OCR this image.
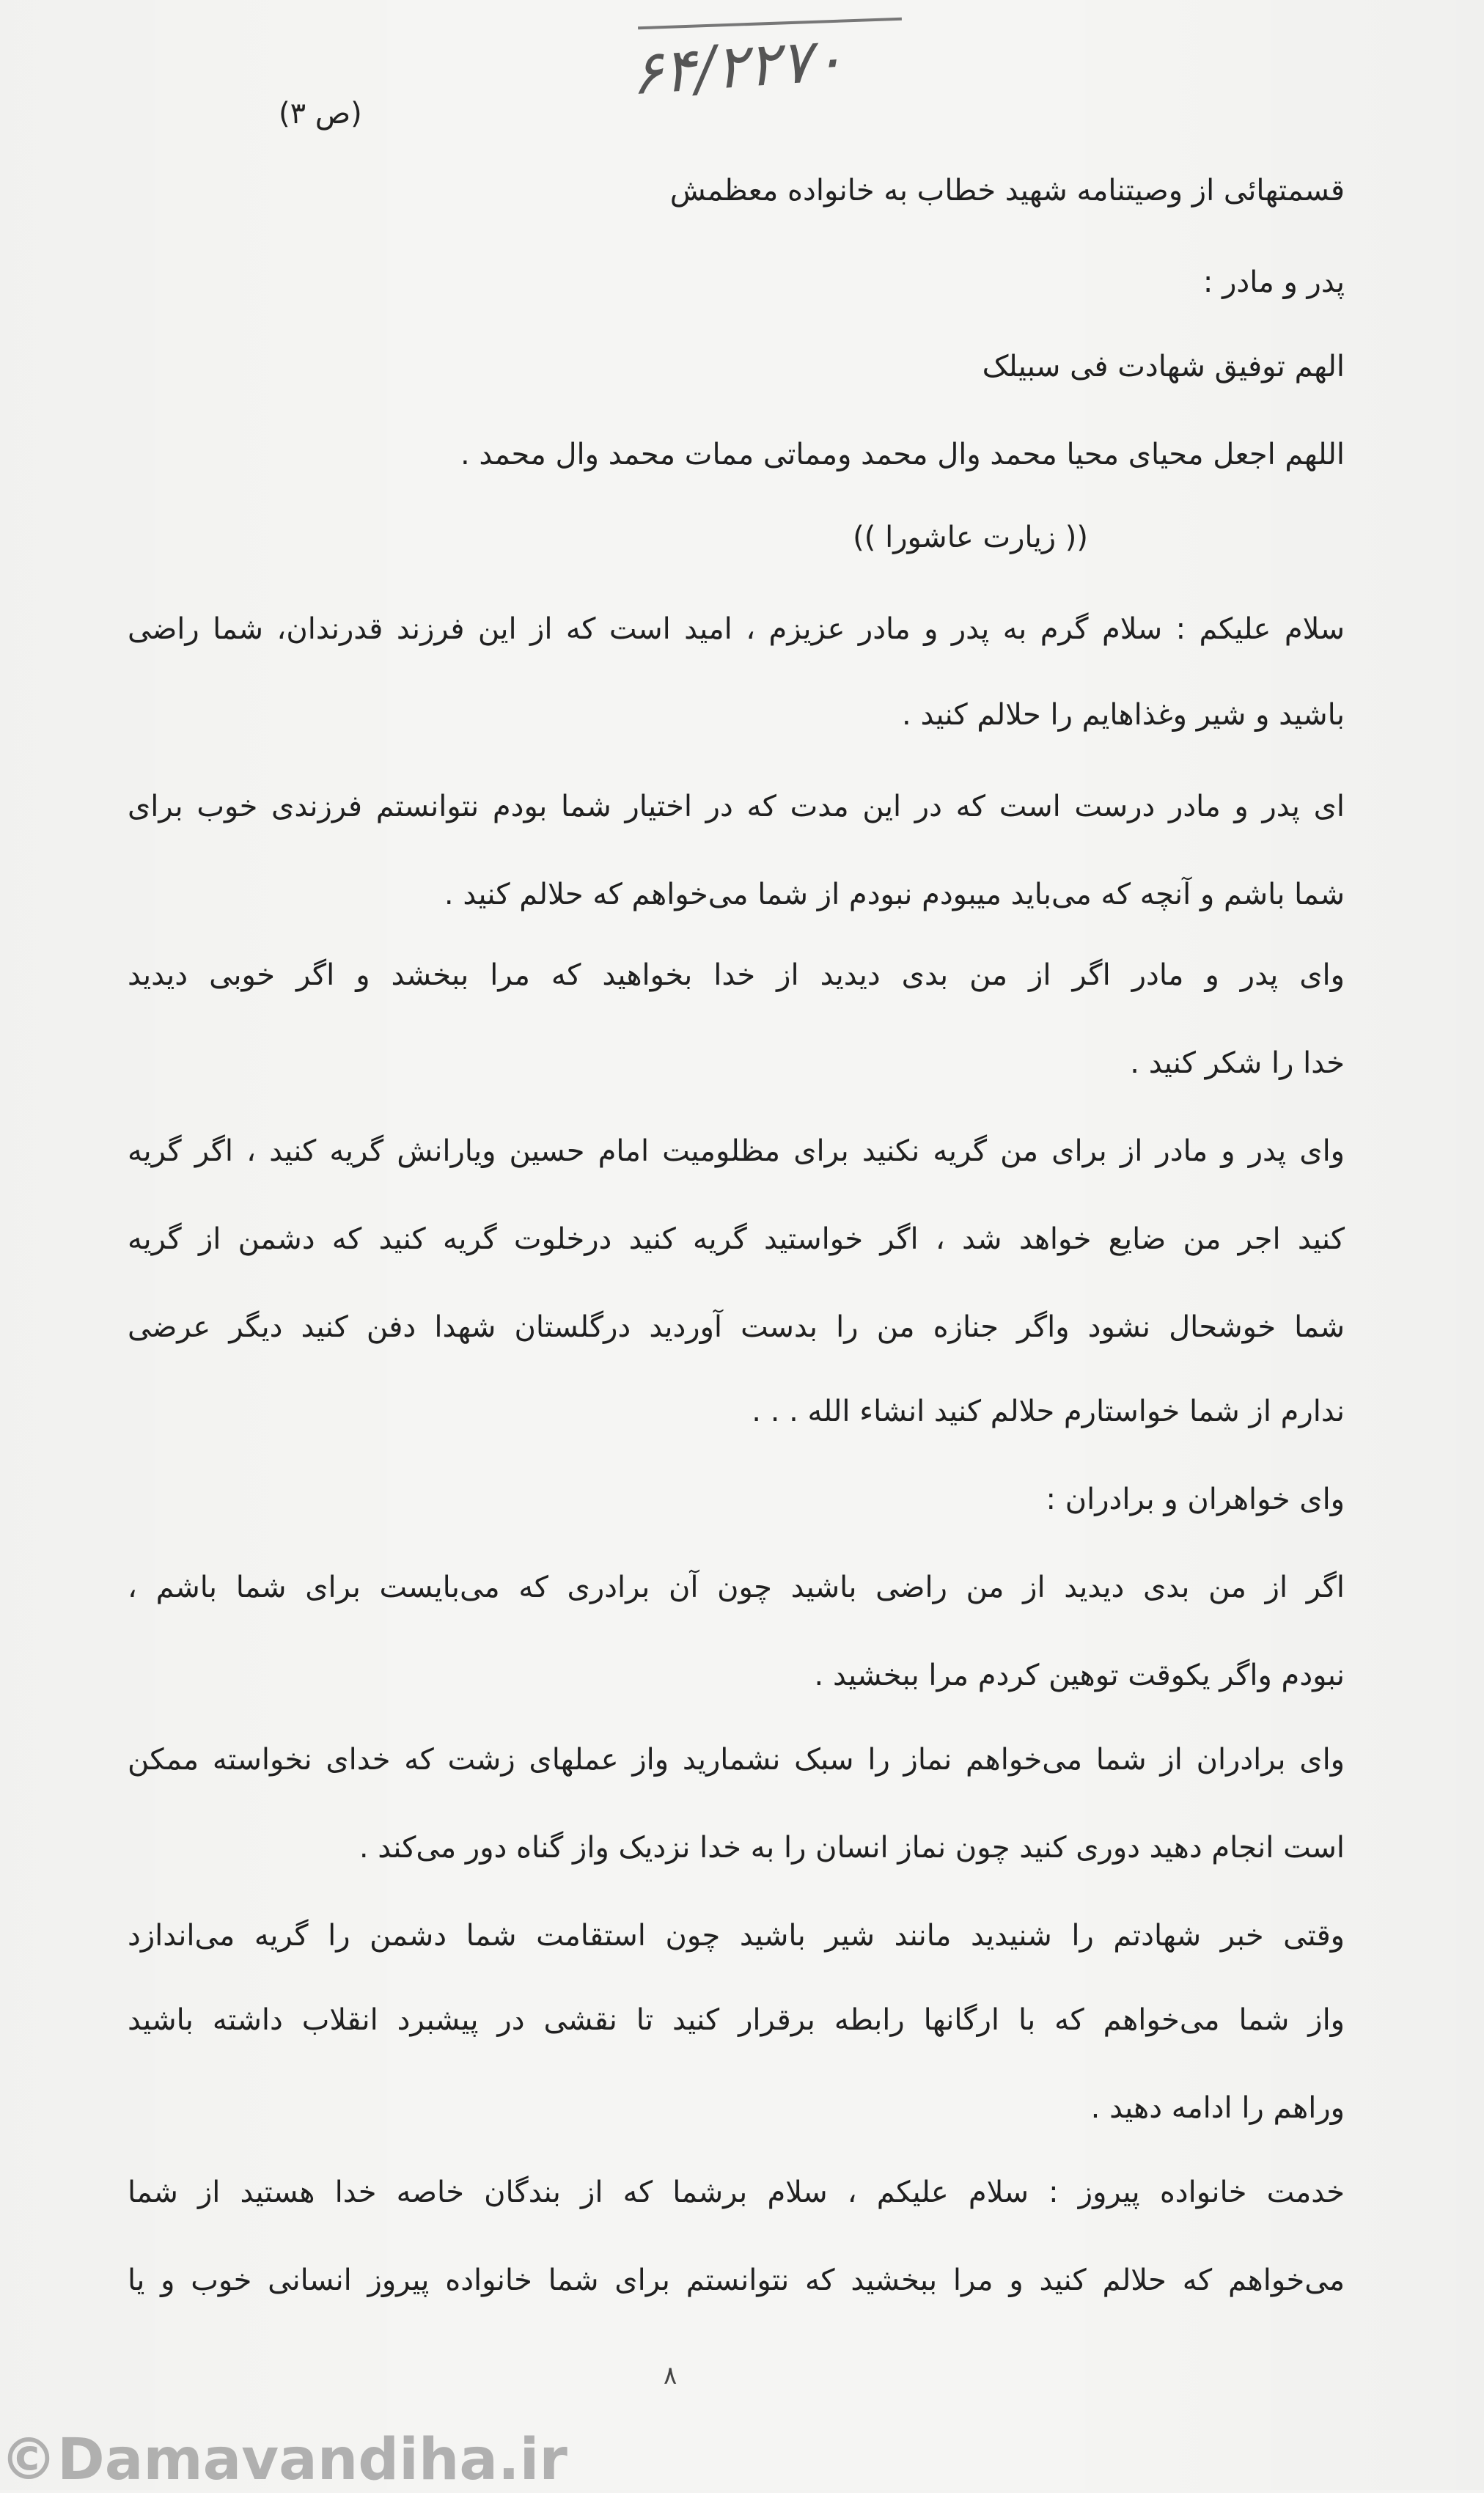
۶۴/۲۲۷۰
(ص ۳)
قسمتهائی از وصیتنامه شهید خطاب به خانواده معظمش
پدر و مادر :
الهم توفیق شهادت فی سبیلک
اللهم اجعل محیای محیا محمد وال محمد ومماتی ممات محمد وال محمد .
(( زیارت عاشورا ))
سلام علیکم : سلام گرم به پدر و مادر عزیزم ، امید است که از این فرزند قدرندان، شما راضی
باشید و شیر وغذاهایم را حلالم کنید .
ای پدر و مادر درست است که در این مدت که در اختیار شما بودم نتوانستم فرزندی خوب برای
شما باشم و آنچه که می‌باید میبودم نبودم از شما می‌خواهم که حلالم کنید .
وای پدر و مادر اگر از من بدی دیدید از خدا بخواهید که مرا ببخشد و اگر خوبی دیدید
خدا را شکر کنید .
وای پدر و مادر از برای من گریه نکنید برای مظلومیت امام حسین ویارانش گریه کنید ، اگر گریه
کنید اجر من ضایع خواهد شد ، اگر خواستید گریه کنید درخلوت گریه کنید که دشمن از گریه
شما خوشحال نشود واگر جنازه من را بدست آوردید درگلستان شهدا دفن کنید دیگر عرضی
ندارم از شما خواستارم حلالم کنید انشاء الله . . .
وای خواهران و برادران :
اگر از من بدی دیدید از من راضی باشید چون آن برادری که می‌بایست برای شما باشم ،
نبودم واگر یکوقت توهین کردم مرا ببخشید .
وای برادران از شما می‌خواهم نماز را سبک نشمارید واز عملهای زشت که خدای نخواسته ممکن
است انجام دهید دوری کنید چون نماز انسان را به خدا نزدیک واز گناه دور می‌کند .
وقتی خبر شهادتم را شنیدید مانند شیر باشید چون استقامت شما دشمن را گریه می‌اندازد
واز شما می‌خواهم که با ارگانها رابطه برقرار کنید تا نقشی در پیشبرد انقلاب داشته باشید
وراهم را ادامه دهید .
خدمت خانواده پیروز : سلام علیکم ، سلام برشما که از بندگان خاصه خدا هستید از شما
می‌خواهم که حلالم کنید و مرا ببخشید که نتوانستم برای شما خانواده پیروز انسانی خوب و یا
۸
©Damavandiha.ir
